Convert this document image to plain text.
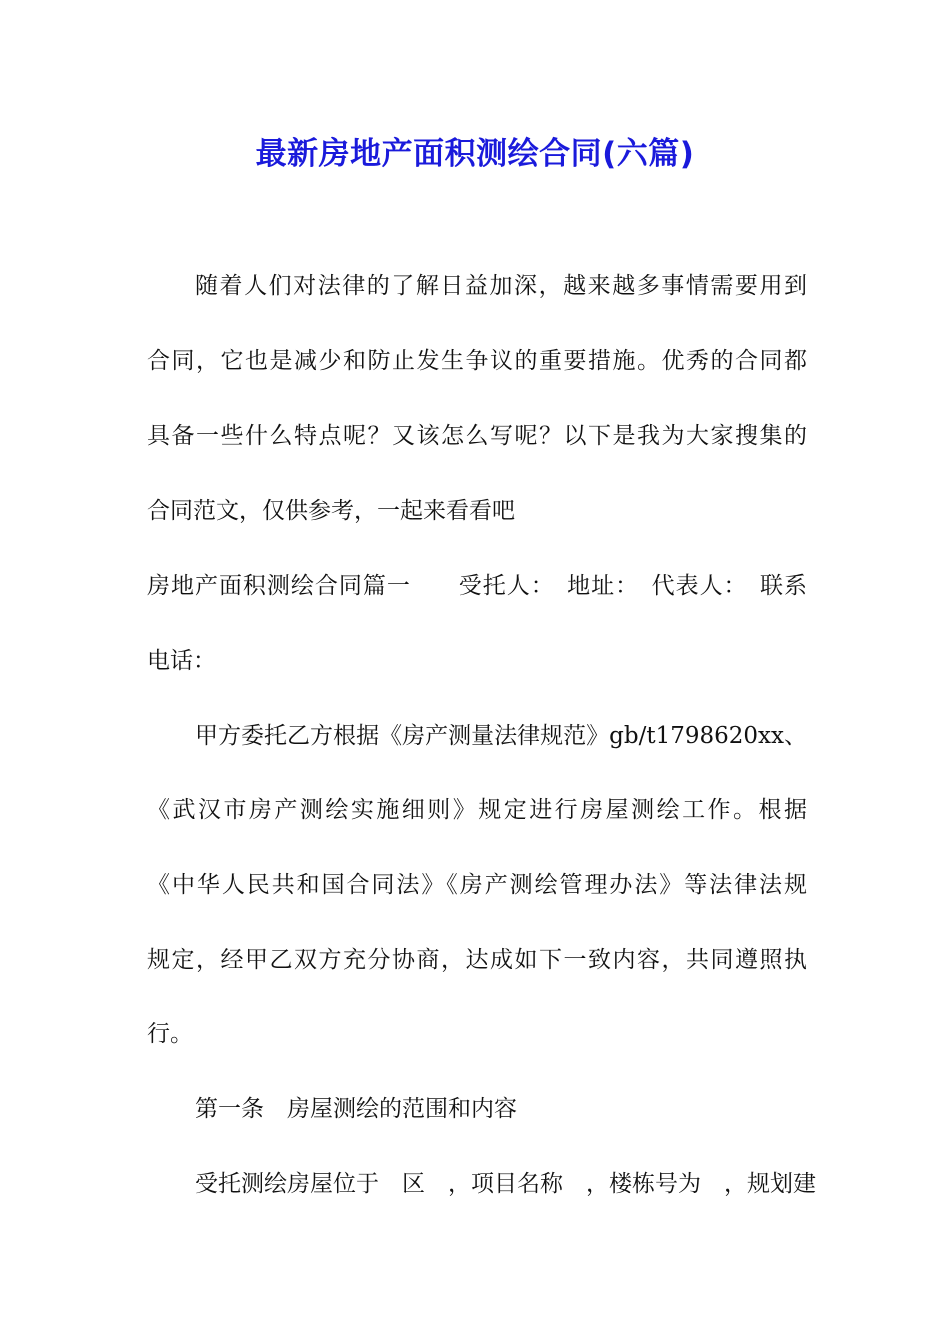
最新房地产面积测绘合同(六篇)

随着人们对法律的了解日益加深，越来越多事情需要用到

合同，它也是减少和防止发生争议的重要措施。优秀的合同都

具备一些什么特点呢？又该怎么写呢？以下是我为大家搜集的

合同范文，仅供参考，一起来看看吧

房地产面积测绘合同篇一　　受托人：　地址：　代表人：　联系

电话：

甲方委托乙方根据《房产测量法律规范》gb/t1798620xx、

《武汉市房产测绘实施细则》规定进行房屋测绘工作。根据

《中华人民共和国合同法》《房产测绘管理办法》等法律法规

规定，经甲乙双方充分协商，达成如下一致内容，共同遵照执

行。

第一条　房屋测绘的范围和内容

受托测绘房屋位于　区　，项目名称　，楼栋号为　，规划建
